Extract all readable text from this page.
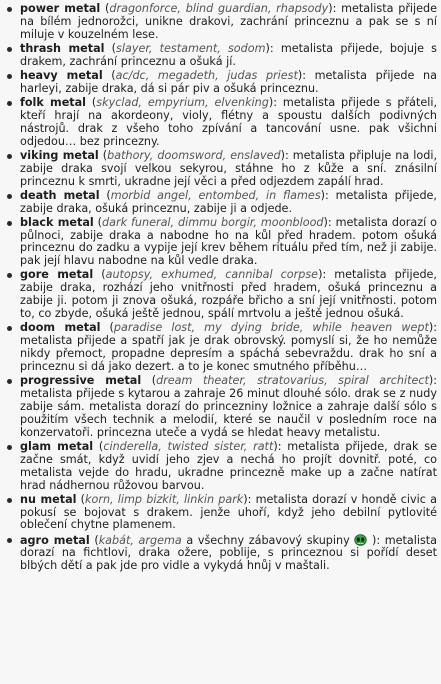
power metal (dragonforce, blind guardian, rhapsody): metalista přijede na bílém jednorožci, unikne drakovi, zachrání princeznu a pak se s ní miluje v kouzelném lese.
thrash metal (slayer, testament, sodom): metalista přijede, bojuje s drakem, zachrání princeznu a ošuká jí.
heavy metal (ac/dc, megadeth, judas priest): metalista přijede na harleyi, zabije draka, dá si pár piv a ošuká princeznu.
folk metal (skyclad, empyrium, elvenking): metalista přijede s přáteli, kteří hrají na akordeony, violy, flétny a spoustu dalších podivných nástrojů. drak z všeho toho zpívání a tancování usne. pak všichni odjedou… bez princezny.
viking metal (bathory, doomsword, enslaved): metalista připluje na lodi, zabije draka svojí velkou sekyrou, stáhne ho z kůže a sní. znásilní princeznu k smrti, ukradne její věci a před odjezdem zapálí hrad.
death metal (morbid angel, entombed, in flames): metalista přijede, zabije draka, ošuká princeznu, zabije ji a odjede.
black metal (dark funeral, dimmu borgir, moonblood): metalista dorazí o půlnoci, zabije draka a nabodne ho na kůl před hradem. potom ošuká princeznu do zadku a vypije její krev během rituálu před tím, než ji zabije. pak její hlavu nabodne na kůl vedle draka.
gore metal (autopsy, exhumed, cannibal corpse): metalista přijede, zabije draka, rozhází jeho vnitřnosti před hradem, ošuká princeznu a zabije ji. potom ji znova ošuká, rozpáře břicho a sní její vnitřnosti. potom to, co zbyde, ošuká ještě jednou, spálí mrtvolu a ještě jednou ošuká.
doom metal (paradise lost, my dying bride, while heaven wept): metalista přijede a spatří jak je drak obrovský. pomyslí si, že ho nemůže nikdy přemoct, propadne depresím a spáchá sebevraždu. drak ho sní a princeznu si dá jako dezert. a to je konec smutného příběhu…
progressive metal (dream theater, stratovarius, spiral architect): metalista přijede s kytarou a zahraje 26 minut dlouhé sólo. drak se z nudy zabije sám. metalista dorazí do princezniny ložnice a zahraje další sólo s použitím všech technik a melodií, které se naučil v posledním roce na konzervatoři. princezna uteče a vydá se hledat heavy metalistu.
glam metal (cinderella, twisted sister, ratt): metalista přijede, drak se začne smát, když uvidí jeho zjev a nechá ho projít dovnitř. poté, co metalista vejde do hradu, ukradne princezně make up a začne natírat hrad nádhernou růžovou barvou.
nu metal (korn, limp bizkit, linkin park): metalista dorazí v hondě civic a pokusí se bojovat s drakem. jenže uhoří, když jeho debilní pytlovité oblečení chytne plamenem.
agro metal (kabát, argema a všechny zábavový skupiny  ): metalista dorazí na fichtlovi, draka ožere, poblije, s princeznou si pořídí deset blbých dětí a pak jde pro vidle a vykydá hnůj v maštali.
